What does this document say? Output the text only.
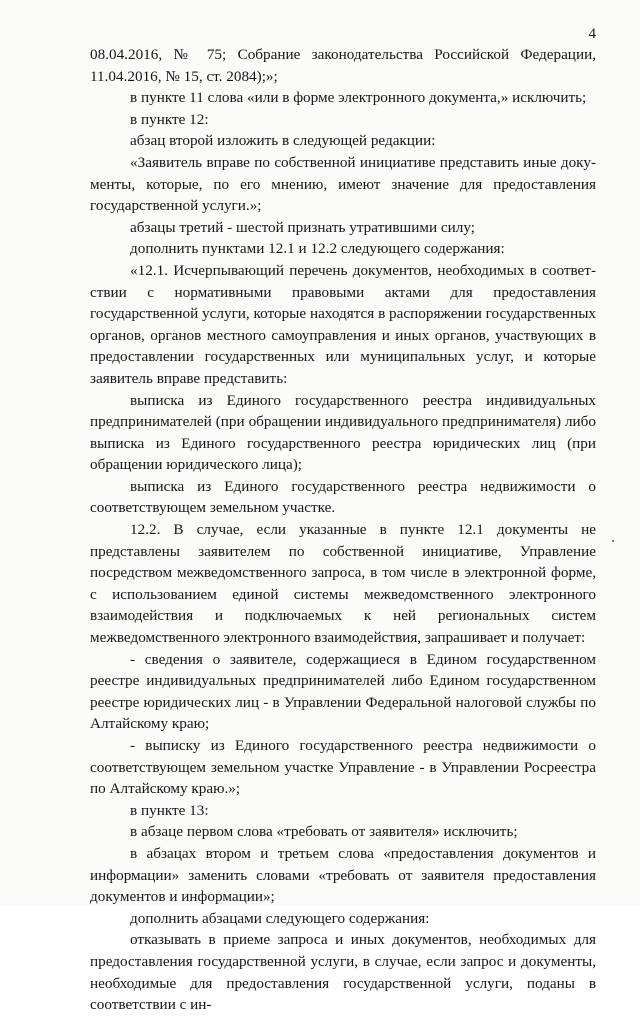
4

08.04.2016, № 75; Собрание законодательства Российской Федерации, 11.04.2016, № 15, ст. 2084);»;

в пункте 11 слова «или в форме электронного документа,» исключить;

в пункте 12:

абзац второй изложить в следующей редакции:

«Заявитель вправе по собственной инициативе представить иные документы, которые, по его мнению, имеют значение для предоставления государственной услуги.»;

абзацы третий - шестой признать утратившими силу;

дополнить пунктами 12.1 и 12.2 следующего содержания:

«12.1. Исчерпывающий перечень документов, необходимых в соответствии с нормативными правовыми актами для предоставления государственной услуги, которые находятся в распоряжении государственных органов, органов местного самоуправления и иных органов, участвующих в предоставлении государственных или муниципальных услуг, и которые заявитель вправе представить:

выписка из Единого государственного реестра индивидуальных предпринимателей (при обращении индивидуального предпринимателя) либо выписка из Единого государственного реестра юридических лиц (при обращении юридического лица);

выписка из Единого государственного реестра недвижимости о соответствующем земельном участке.

12.2. В случае, если указанные в пункте 12.1 документы не представлены заявителем по собственной инициативе, Управление посредством межведомственного запроса, в том числе в электронной форме, с использованием единой системы межведомственного электронного взаимодействия и подключаемых к ней региональных систем межведомственного электронного взаимодействия, запрашивает и получает:

- сведения о заявителе, содержащиеся в Едином государственном реестре индивидуальных предпринимателей либо Едином государственном реестре юридических лиц - в Управлении Федеральной налоговой службы по Алтайскому краю;

- выписку из Единого государственного реестра недвижимости о соответствующем земельном участке Управление - в Управлении Росреестра по Алтайскому краю.»;

в пункте 13:

в абзаце первом слова «требовать от заявителя» исключить;

в абзацах втором и третьем слова «предоставления документов и информации» заменить словами «требовать от заявителя предоставления документов и информации»;

дополнить абзацами следующего содержания:

отказывать в приеме запроса и иных документов, необходимых для предоставления государственной услуги, в случае, если запрос и документы, необходимые для предоставления государственной услуги, поданы в соответствии с ин-
